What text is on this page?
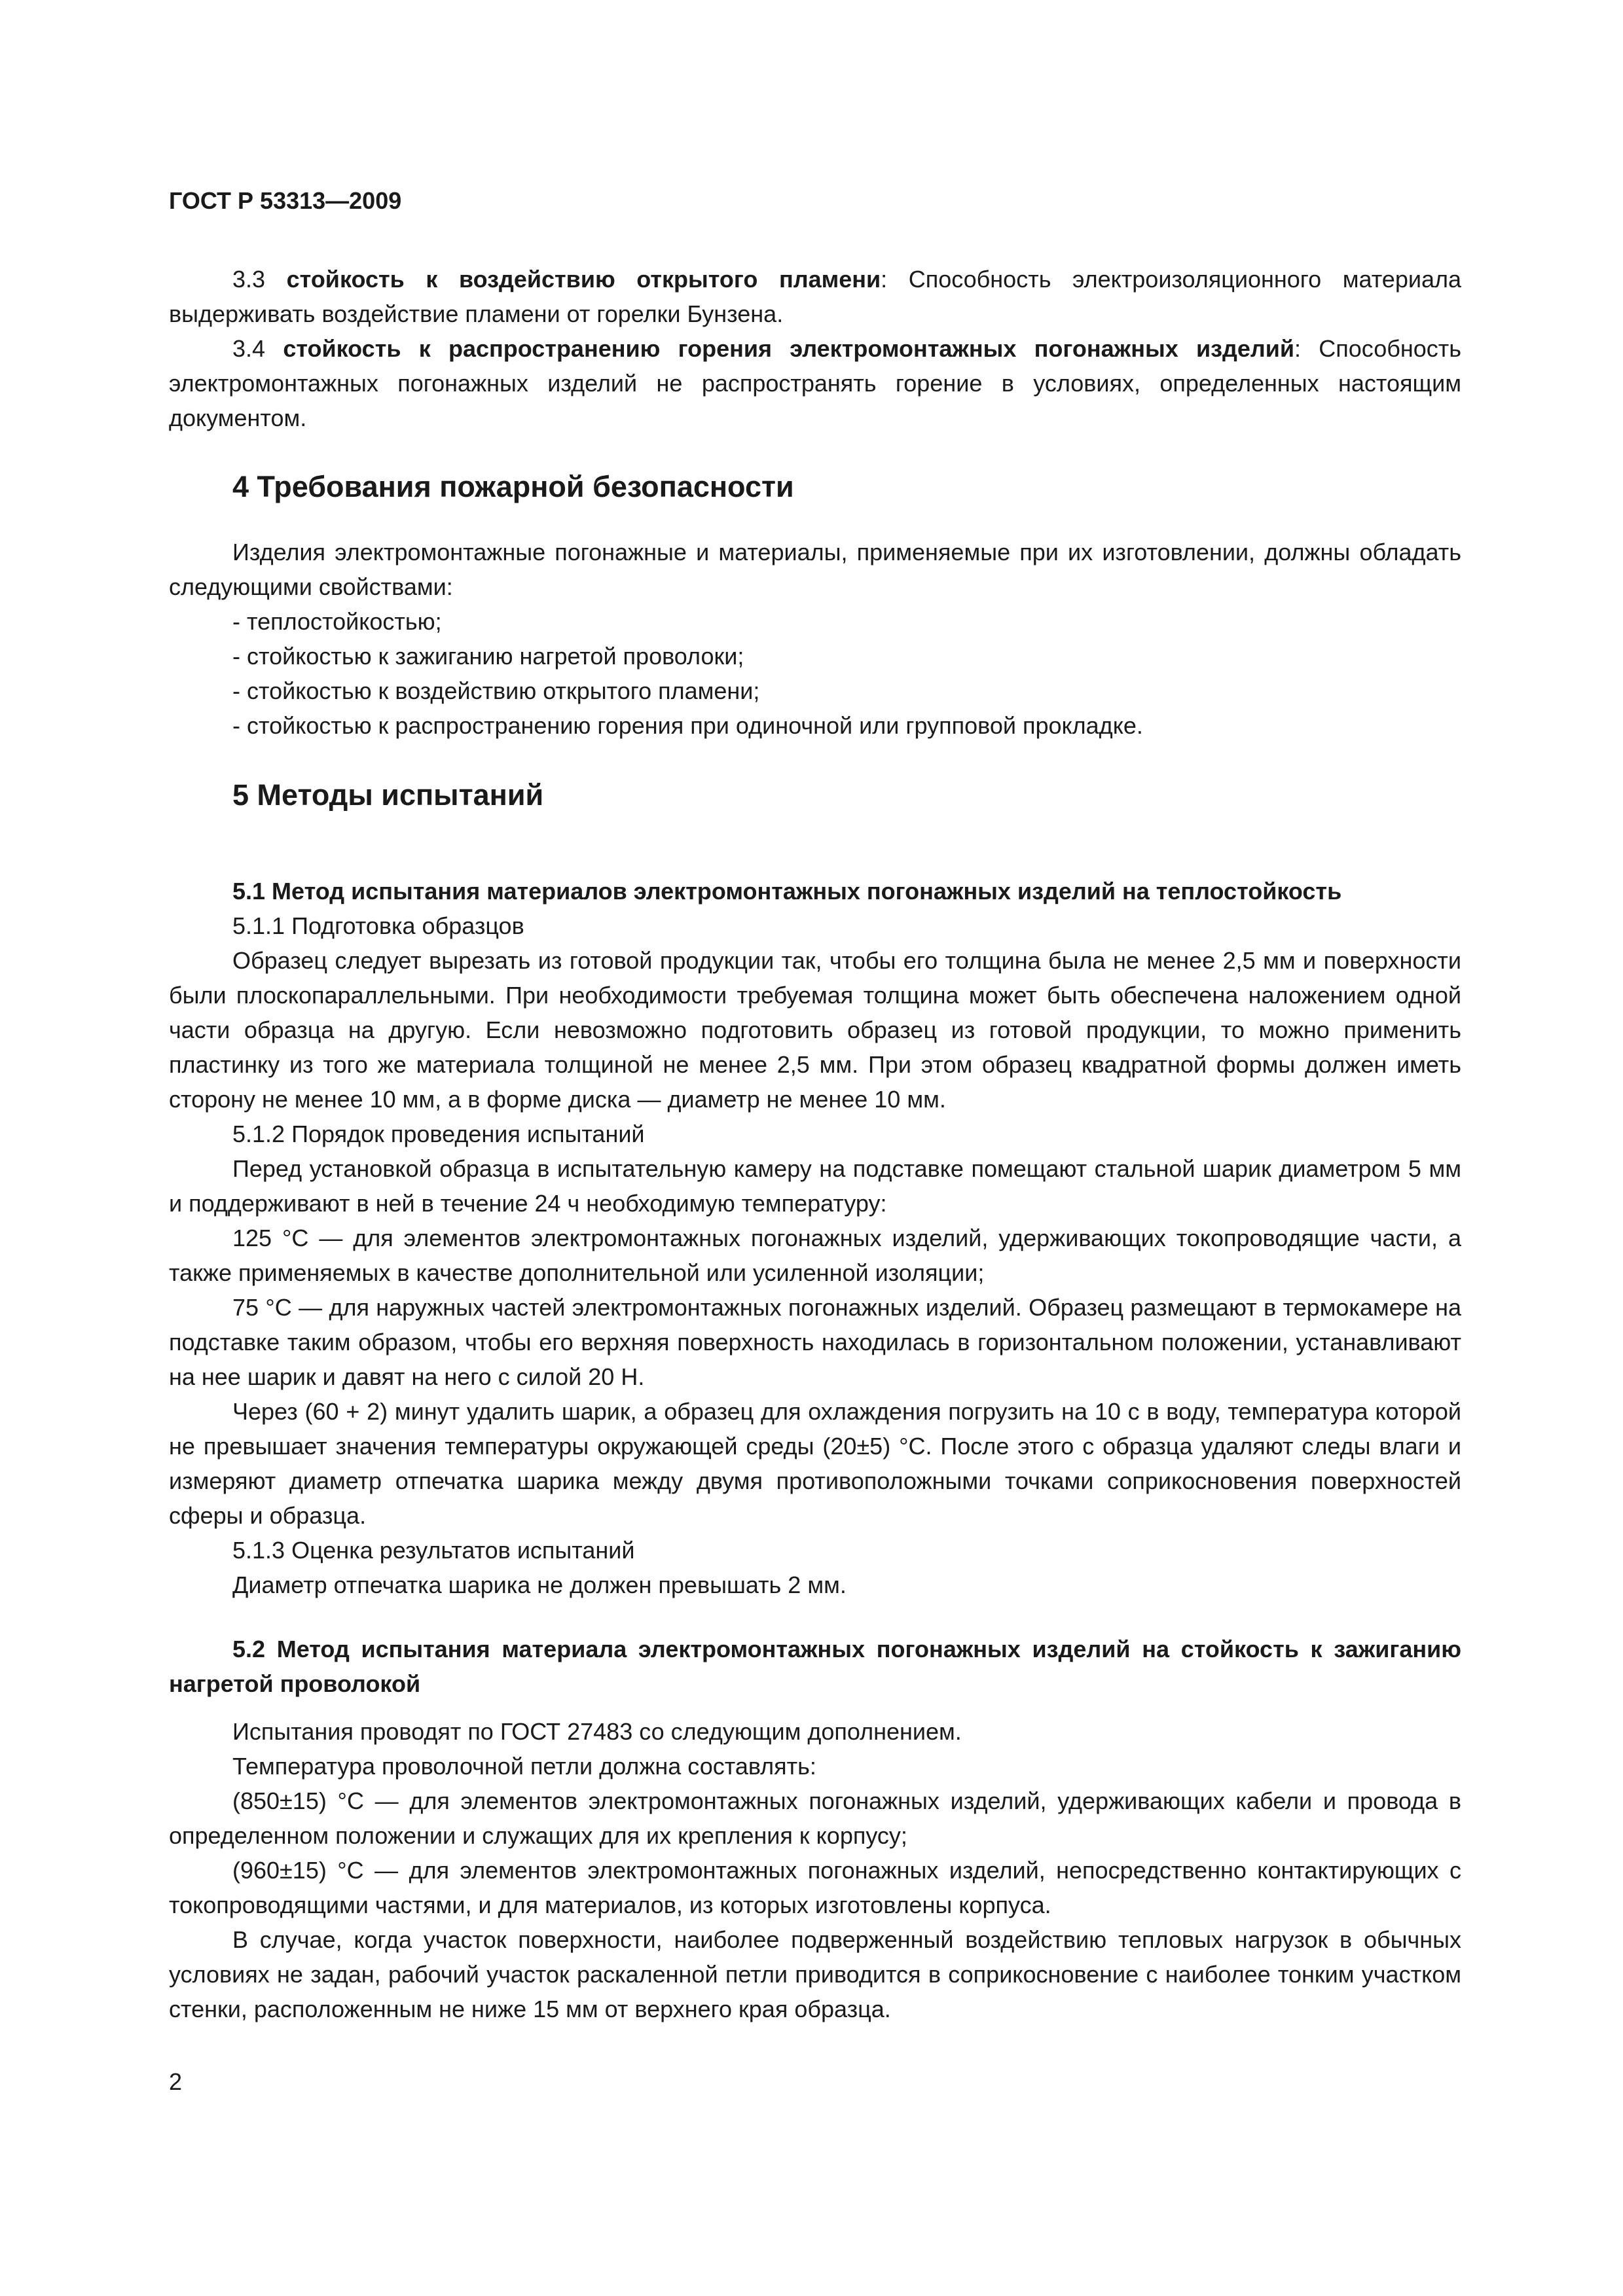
ГОСТ Р 53313—2009

3.3 стойкость к воздействию открытого пламени: Способность электроизоляционного материала выдерживать воздействие пламени от горелки Бунзена.

3.4 стойкость к распространению горения электромонтажных погонажных изделий: Способность электромонтажных погонажных изделий не распространять горение в условиях, определенных настоящим документом.

4 Требования пожарной безопасности

Изделия электромонтажные погонажные и материалы, применяемые при их изготовлении, должны обладать следующими свойствами:

- теплостойкостью;

- стойкостью к зажиганию нагретой проволоки;

- стойкостью к воздействию открытого пламени;

- стойкостью к распространению горения при одиночной или групповой прокладке.

5 Методы испытаний

5.1 Метод испытания материалов электромонтажных погонажных изделий на теплостойкость

5.1.1 Подготовка образцов

Образец следует вырезать из готовой продукции так, чтобы его толщина была не менее 2,5 мм и поверхности были плоскопараллельными. При необходимости требуемая толщина может быть обеспечена наложением одной части образца на другую. Если невозможно подготовить образец из готовой продукции, то можно применить пластинку из того же материала толщиной не менее 2,5 мм. При этом образец квадратной формы должен иметь сторону не менее 10 мм, а в форме диска — диаметр не менее 10 мм.

5.1.2 Порядок проведения испытаний

Перед установкой образца в испытательную камеру на подставке помещают стальной шарик диаметром 5 мм и поддерживают в ней в течение 24 ч необходимую температуру:

125 °С — для элементов электромонтажных погонажных изделий, удерживающих токопроводящие части, а также применяемых в качестве дополнительной или усиленной изоляции;

75 °С — для наружных частей электромонтажных погонажных изделий. Образец размещают в термокамере на подставке таким образом, чтобы его верхняя поверхность находилась в горизонтальном положении, устанавливают на нее шарик и давят на него с силой 20 Н.

Через (60 + 2) минут удалить шарик, а образец для охлаждения погрузить на 10 с в воду, температура которой не превышает значения температуры окружающей среды (20±5) °С. После этого с образца удаляют следы влаги и измеряют диаметр отпечатка шарика между двумя противоположными точками соприкосновения поверхностей сферы и образца.

5.1.3 Оценка результатов испытаний

Диаметр отпечатка шарика не должен превышать 2 мм.

5.2 Метод испытания материала электромонтажных погонажных изделий на стойкость к зажиганию нагретой проволокой

Испытания проводят по ГОСТ 27483 со следующим дополнением.

Температура проволочной петли должна составлять:

(850±15) °С — для элементов электромонтажных погонажных изделий, удерживающих кабели и провода в определенном положении и служащих для их крепления к корпусу;

(960±15) °С — для элементов электромонтажных погонажных изделий, непосредственно контактирующих с токопроводящими частями, и для материалов, из которых изготовлены корпуса.

В случае, когда участок поверхности, наиболее подверженный воздействию тепловых нагрузок в обычных условиях не задан, рабочий участок раскаленной петли приводится в соприкосновение с наиболее тонким участком стенки, расположенным не ниже 15 мм от верхнего края образца.

2
